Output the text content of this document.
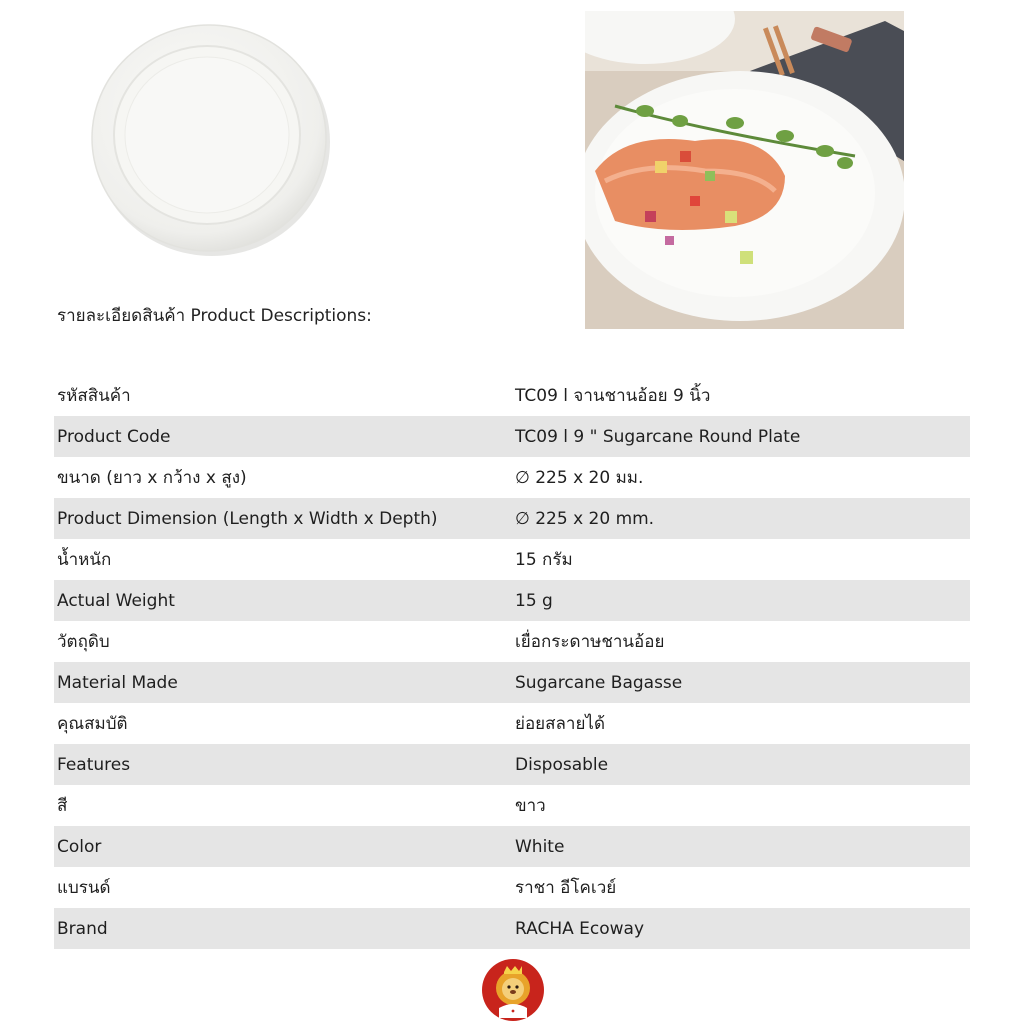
รายละเอียดสินค้า Product Descriptions:
รหัสสินค้า	TC09 l จานชานอ้อย 9 นิ้ว
Product Code	TC09 l 9 " Sugarcane Round Plate
ขนาด (ยาว x กว้าง x สูง)	∅ 225 x 20 มม.
Product Dimension (Length x Width x Depth)	∅ 225 x 20 mm.
น้ำหนัก	15 กรัม
Actual Weight	15 g
วัตถุดิบ	เยื่อกระดาษชานอ้อย
Material Made	Sugarcane Bagasse
คุณสมบัติ	ย่อยสลายได้
Features	Disposable
สี	ขาว
Color	White
แบรนด์	ราชา อีโคเวย์
Brand	RACHA Ecoway
